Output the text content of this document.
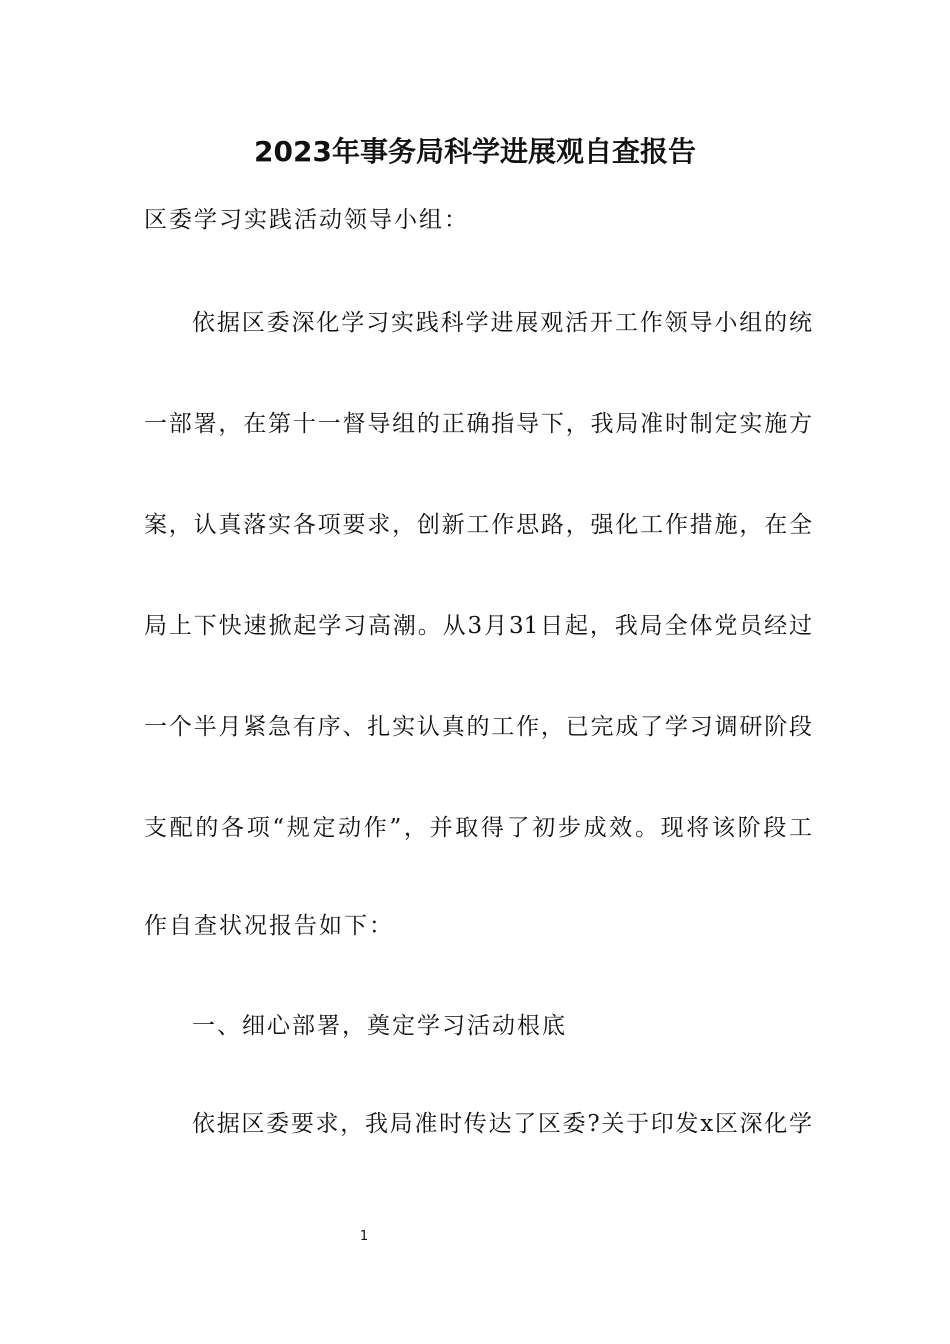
2023年事务局科学进展观自查报告

区委学习实践活动领导小组：

依据区委深化学习实践科学进展观活开工作领导小组的统

一部署，在第十一督导组的正确指导下，我局准时制定实施方

案，认真落实各项要求，创新工作思路，强化工作措施，在全

局上下快速掀起学习高潮。从3月31日起，我局全体党员经过

一个半月紧急有序、扎实认真的工作，已完成了学习调研阶段

支配的各项“规定动作”，并取得了初步成效。现将该阶段工

作自查状况报告如下：

一、细心部署，奠定学习活动根底

依据区委要求，我局准时传达了区委?关于印发x区深化学

1
